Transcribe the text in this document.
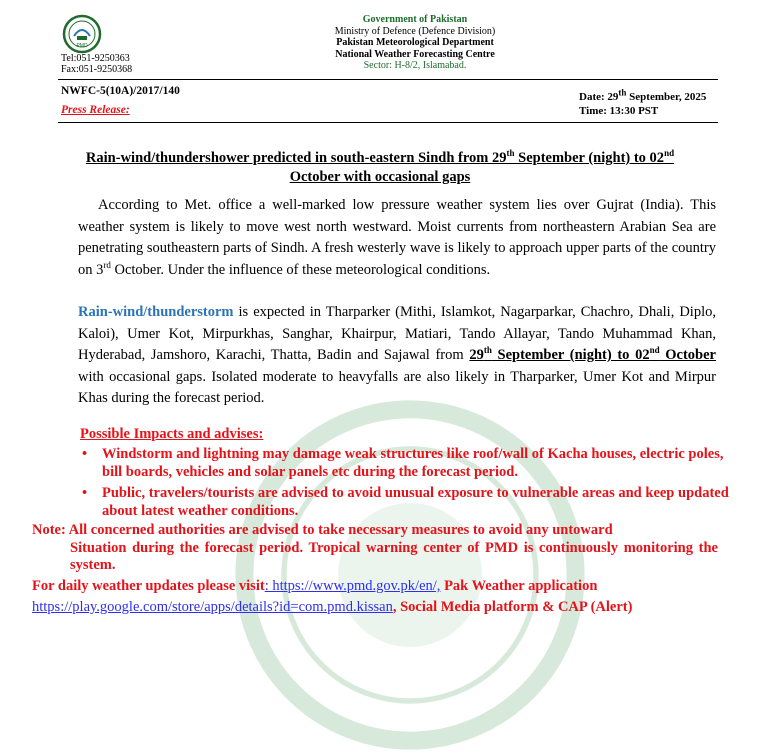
PMD
Tel:051-9250363
Fax:051-9250368
Government of Pakistan
Ministry of Defence (Defence Division)
Pakistan Meteorological Department
National Weather Forecasting Centre
Sector: H-8/2, Islamabad.
NWFC-5(10A)/2017/140
Press Release:
Date: 29th September, 2025
Time: 13:30 PST
Rain-wind/thundershower predicted in south-eastern Sindh from 29th September (night) to 02nd
October with occasional gaps
According to Met. office a well-marked low pressure weather system lies over Gujrat (India). This weather system is likely to move west north westward. Moist currents from northeastern Arabian Sea are penetrating southeastern parts of Sindh. A fresh westerly wave is likely to approach upper parts of the country on 3rd October. Under the influence of these meteorological conditions.
Rain-wind/thunderstorm is expected in Tharparker (Mithi, Islamkot, Nagarparkar, Chachro, Dhali, Diplo, Kaloi), Umer Kot, Mirpurkhas, Sanghar, Khairpur, Matiari, Tando Allayar, Tando Muhammad Khan, Hyderabad, Jamshoro, Karachi, Thatta, Badin and Sajawal from 29th September (night) to 02nd October with occasional gaps. Isolated moderate to heavyfalls are also likely in Tharparker, Umer Kot and Mirpur Khas during the forecast period.
Possible Impacts and advises:
• Windstorm and lightning may damage weak structures like roof/wall of Kacha houses, electric poles, bill boards, vehicles and solar panels etc during the forecast period.
• Public, travelers/tourists are advised to avoid unusual exposure to vulnerable areas and keep updated about latest weather conditions.
Note: All concerned authorities are advised to take necessary measures to avoid any untoward
Situation during the forecast period. Tropical warning center of PMD is continuously monitoring the system.
For daily weather updates please visit: https://www.pmd.gov.pk/en/, Pak Weather application
https://play.google.com/store/apps/details?id=com.pmd.kissan, Social Media platform & CAP (Alert)
